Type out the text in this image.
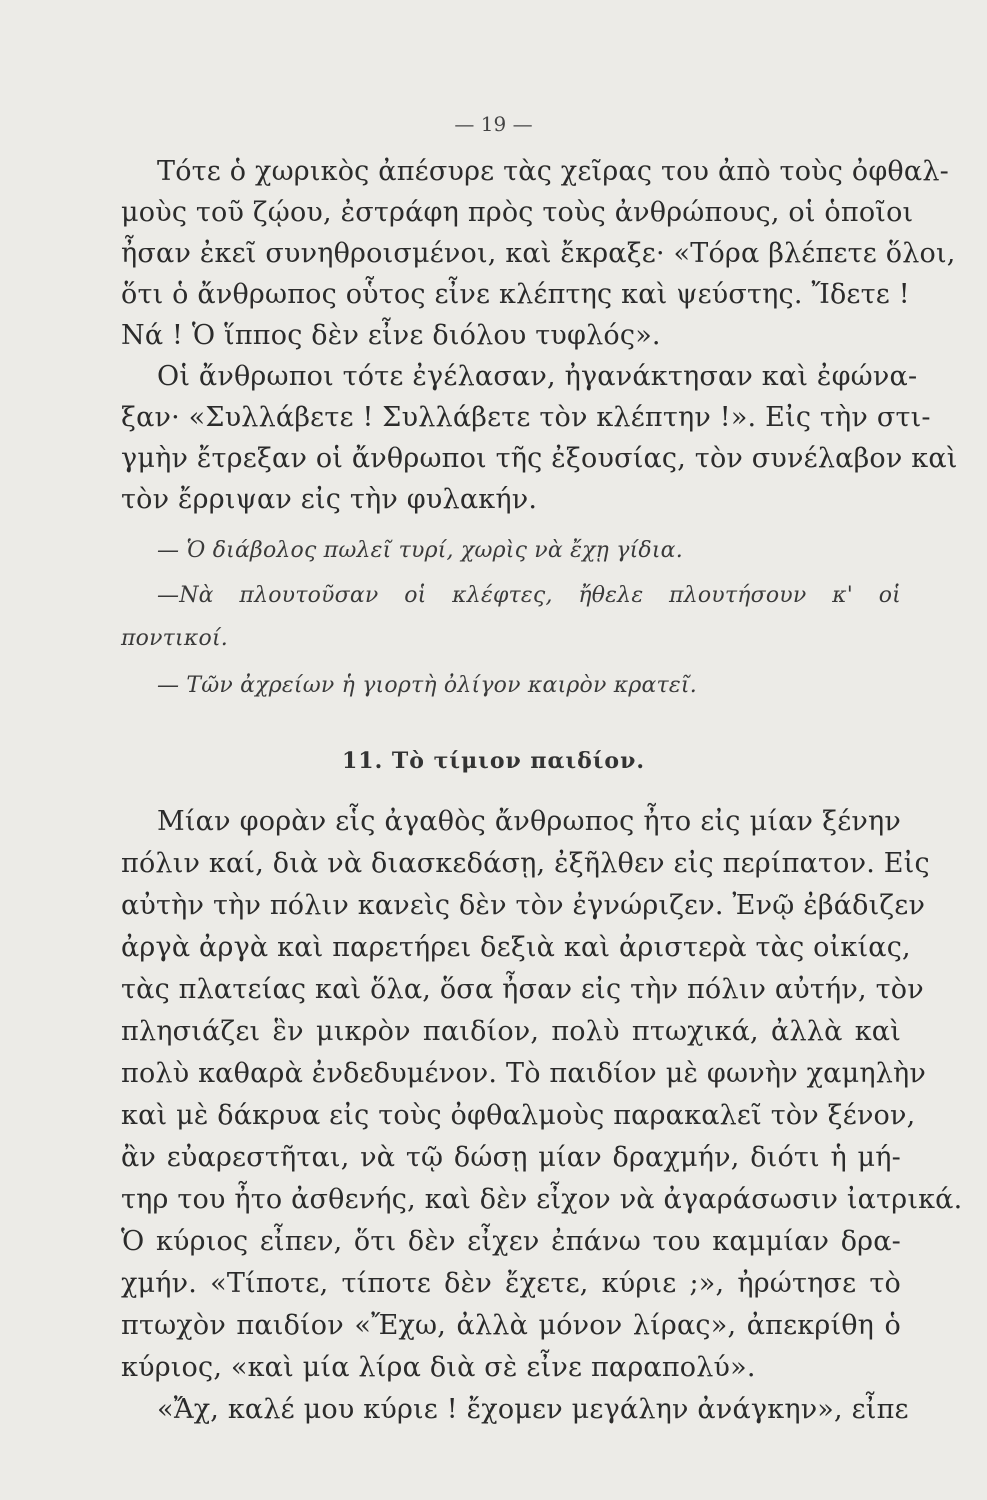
— 19 —
Τότε ὁ χωρικὸς ἀπέσυρε τὰς χεῖρας του ἀπὸ τοὺς ὀφθαλ-
μοὺς τοῦ ζῴου, ἐστράφη πρὸς τοὺς ἀνθρώπους, οἱ ὁποῖοι
ἦσαν ἐκεῖ συνηθροισμένοι, καὶ ἔκραξε· «Τόρα βλέπετε ὅλοι,
ὅτι ὁ ἄνθρωπος οὗτος εἶνε κλέπτης καὶ ψεύστης. Ἴδετε !
Νά ! Ὁ ἵππος δὲν εἶνε διόλου τυφλός».
Οἱ ἄνθρωποι τότε ἐγέλασαν, ἠγανάκτησαν καὶ ἐφώνα-
ξαν· «Συλλάβετε ! Συλλάβετε τὸν κλέπτην !». Εἰς τὴν στι-
γμὴν ἔτρεξαν οἱ ἄνθρωποι τῆς ἐξουσίας, τὸν συνέλαβον καὶ
τὸν ἔρριψαν εἰς τὴν φυλακήν.
— Ὁ διάβολος πωλεῖ τυρί, χωρὶς νὰ ἔχῃ γίδια.
—Νὰ πλουτοῦσαν οἱ κλέφτες, ἤθελε πλουτήσουν κ' οἱ
ποντικοί.
— Τῶν ἀχρείων ἡ γιορτὴ ὀλίγον καιρὸν κρατεῖ.
11. Τὸ τίμιον παιδίον.
Μίαν φορὰν εἷς ἀγαθὸς ἄνθρωπος ἦτο εἰς μίαν ξένην
πόλιν καί, διὰ νὰ διασκεδάσῃ, ἐξῆλθεν εἰς περίπατον. Εἰς
αὐτὴν τὴν πόλιν κανεὶς δὲν τὸν ἐγνώριζεν. Ἐνῷ ἐβάδιζεν
ἀργὰ ἀργὰ καὶ παρετήρει δεξιὰ καὶ ἀριστερὰ τὰς οἰκίας,
τὰς πλατείας καὶ ὅλα, ὅσα ἦσαν εἰς τὴν πόλιν αὐτήν, τὸν
πλησιάζει ἓν μικρὸν παιδίον, πολὺ πτωχικά, ἀλλὰ καὶ
πολὺ καθαρὰ ἐνδεδυμένον. Τὸ παιδίον μὲ φωνὴν χαμηλὴν
καὶ μὲ δάκρυα εἰς τοὺς ὀφθαλμοὺς παρακαλεῖ τὸν ξένον,
ἂν εὐαρεστῆται, νὰ τῷ δώσῃ μίαν δραχμήν, διότι ἡ μή-
τηρ του ἦτο ἀσθενής, καὶ δὲν εἶχον νὰ ἀγαράσωσιν ἰατρικά.
Ὁ κύριος εἶπεν, ὅτι δὲν εἶχεν ἐπάνω του καμμίαν δρα-
χμήν. «Τίποτε, τίποτε δὲν ἔχετε, κύριε ;», ἠρώτησε τὸ
πτωχὸν παιδίον «Ἔχω, ἀλλὰ μόνον λίρας», ἀπεκρίθη ὁ
κύριος, «καὶ μία λίρα διὰ σὲ εἶνε παραπολύ».
«Ἄχ, καλέ μου κύριε ! ἔχομεν μεγάλην ἀνάγκην», εἶπε
